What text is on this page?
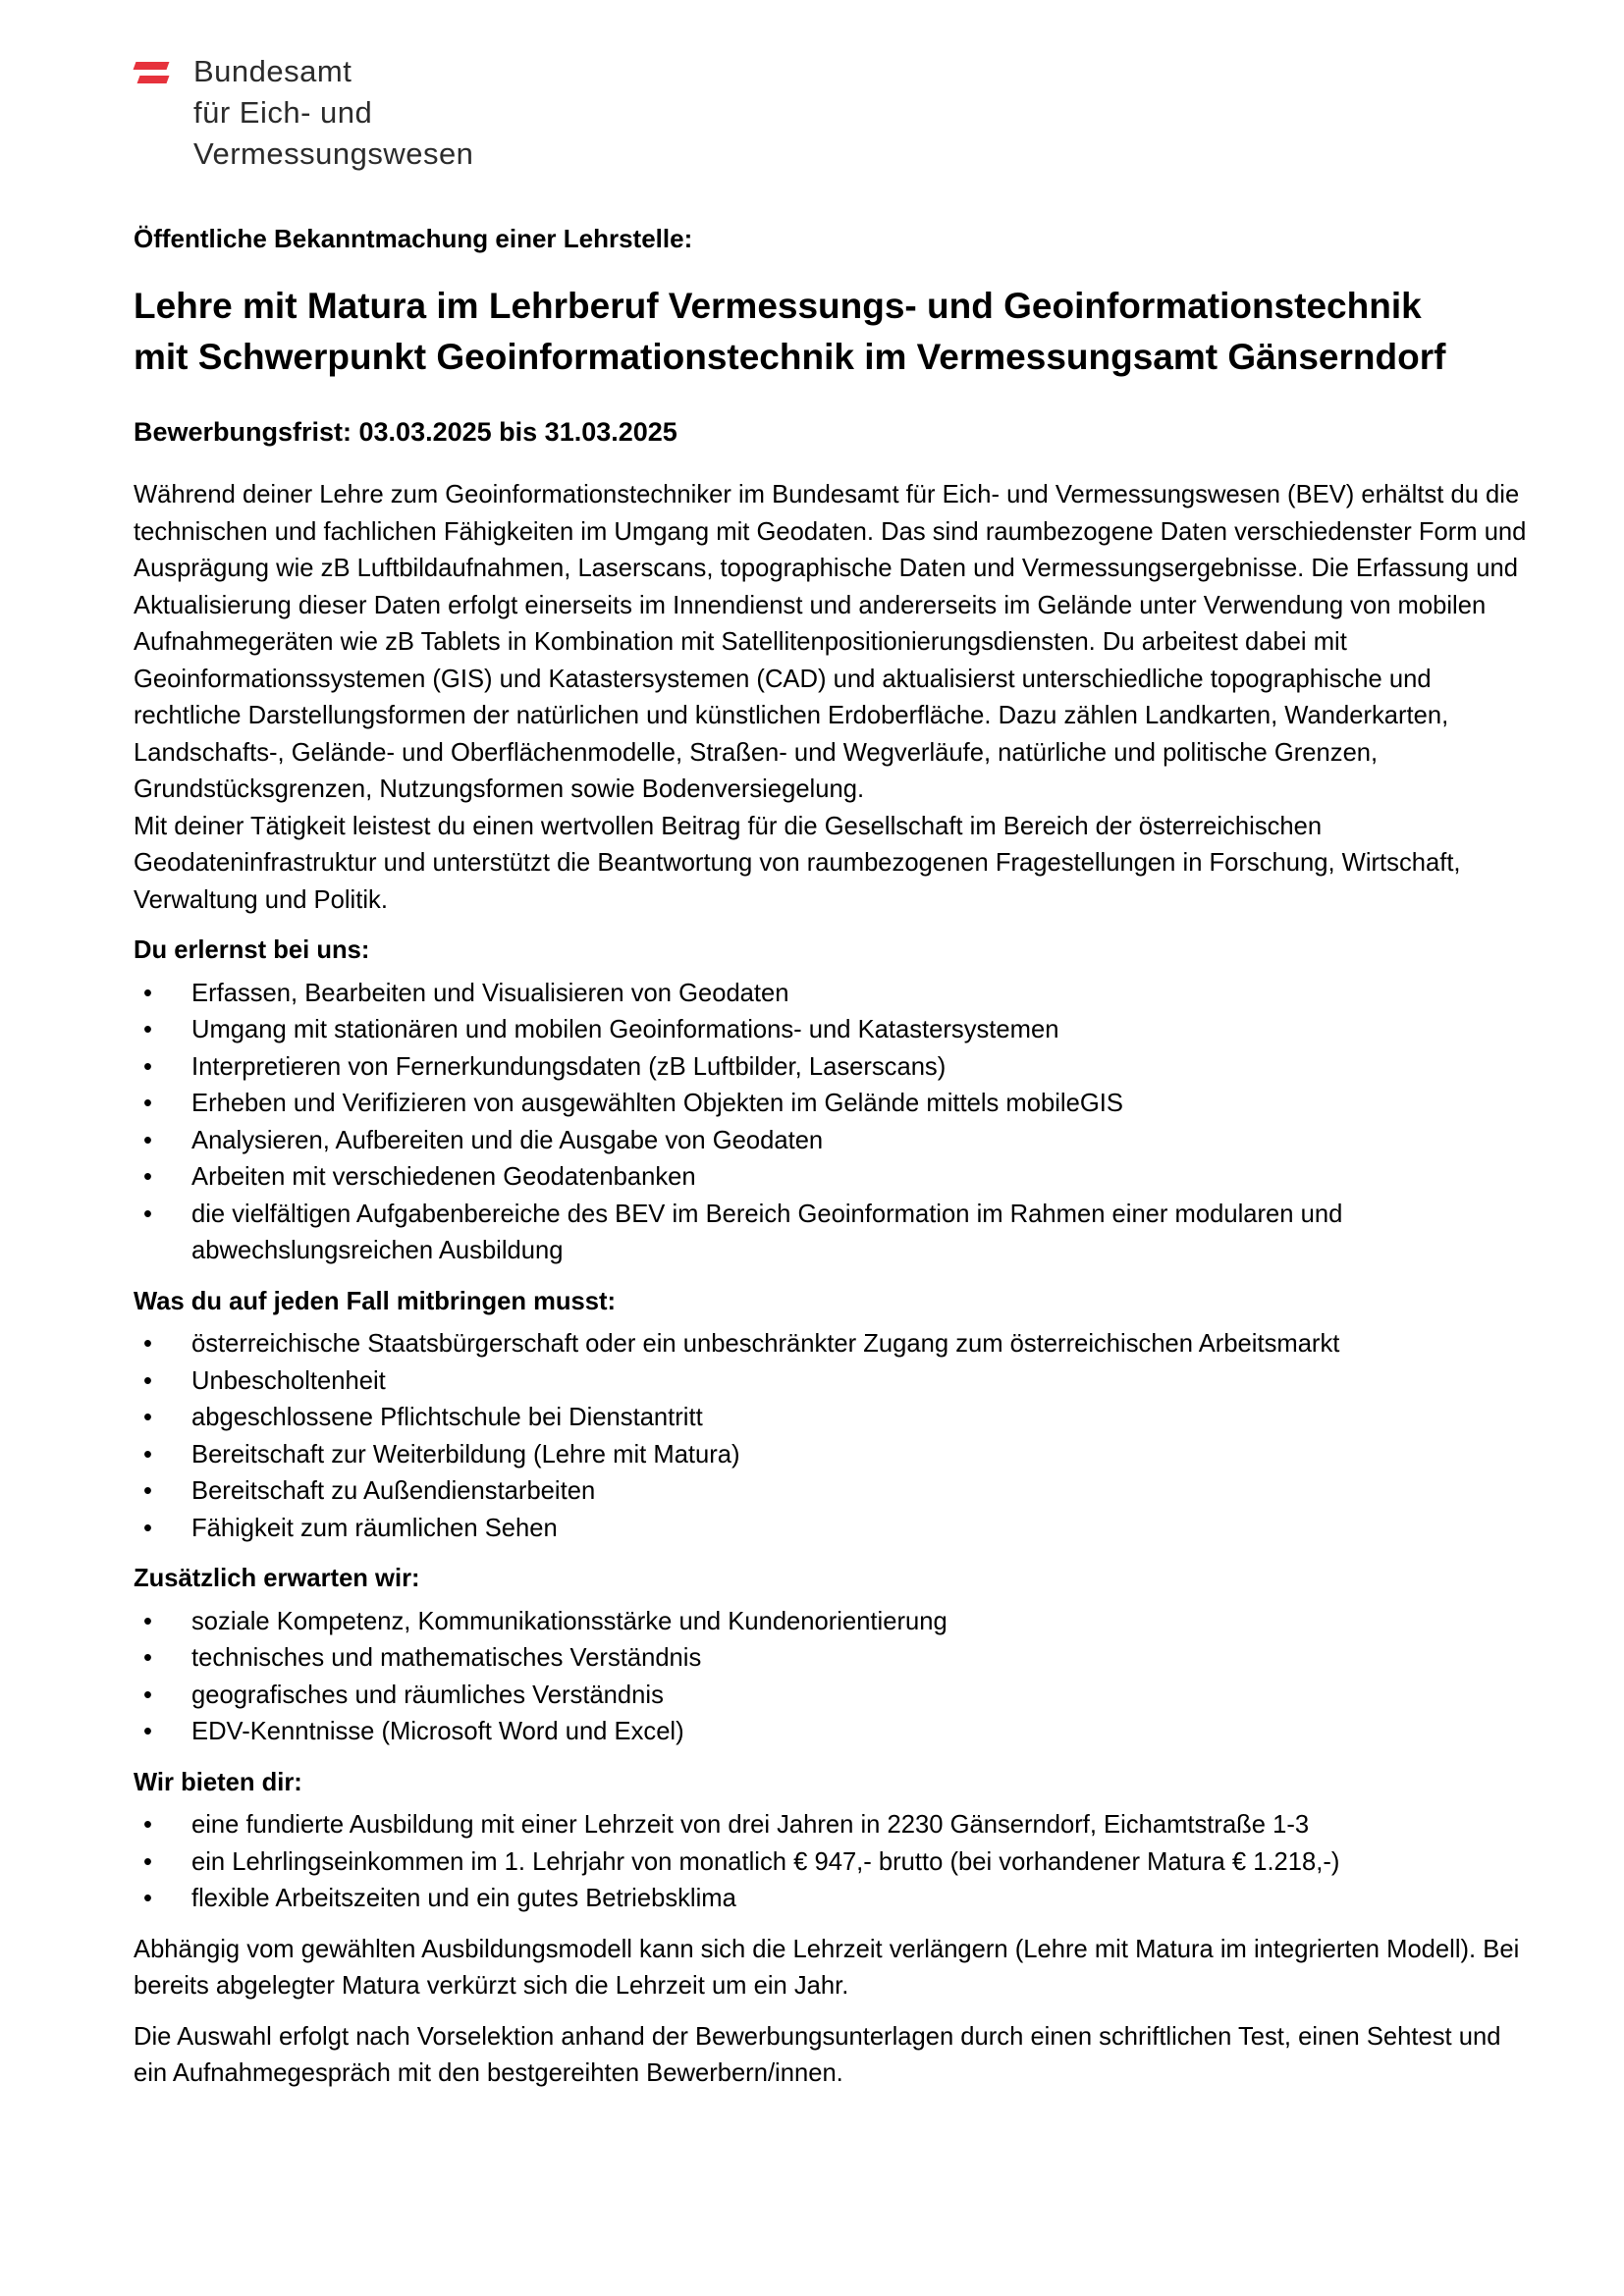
Bundesamt
für Eich- und
Vermessungswesen
Öffentliche Bekanntmachung einer Lehrstelle:
Lehre mit Matura im Lehrberuf Vermessungs- und Geoinformationstechnik
mit Schwerpunkt Geoinformationstechnik im Vermessungsamt Gänserndorf
Bewerbungsfrist: 03.03.2025 bis 31.03.2025
Während deiner Lehre zum Geoinformationstechniker im Bundesamt für Eich- und Vermessungswesen (BEV) erhältst du die technischen und fachlichen Fähigkeiten im Umgang mit Geodaten. Das sind raumbezogene Daten verschiedenster Form und Ausprägung wie zB Luftbildaufnahmen, Laserscans, topographische Daten und Vermessungsergebnisse. Die Erfassung und Aktualisierung dieser Daten erfolgt einerseits im Innendienst und andererseits im Gelände unter Verwendung von mobilen Aufnahmegeräten wie zB Tablets in Kombination mit Satellitenpositionierungsdiensten. Du arbeitest dabei mit Geoinformationssystemen (GIS) und Katastersystemen (CAD) und aktualisierst unterschiedliche topographische und rechtliche Darstellungsformen der natürlichen und künstlichen Erdoberfläche. Dazu zählen Landkarten, Wanderkarten, Landschafts-, Gelände- und Oberflächenmodelle, Straßen- und Wegverläufe, natürliche und politische Grenzen, Grundstücksgrenzen, Nutzungsformen sowie Bodenversiegelung.
Mit deiner Tätigkeit leistest du einen wertvollen Beitrag für die Gesellschaft im Bereich der österreichischen Geodateninfrastruktur und unterstützt die Beantwortung von raumbezogenen Fragestellungen in Forschung, Wirtschaft, Verwaltung und Politik.
Du erlernst bei uns:
• Erfassen, Bearbeiten und Visualisieren von Geodaten
• Umgang mit stationären und mobilen Geoinformations- und Katastersystemen
• Interpretieren von Fernerkundungsdaten (zB Luftbilder, Laserscans)
• Erheben und Verifizieren von ausgewählten Objekten im Gelände mittels mobileGIS
• Analysieren, Aufbereiten und die Ausgabe von Geodaten
• Arbeiten mit verschiedenen Geodatenbanken
• die vielfältigen Aufgabenbereiche des BEV im Bereich Geoinformation im Rahmen einer modularen und abwechslungsreichen Ausbildung
Was du auf jeden Fall mitbringen musst:
• österreichische Staatsbürgerschaft oder ein unbeschränkter Zugang zum österreichischen Arbeitsmarkt
• Unbescholtenheit
• abgeschlossene Pflichtschule bei Dienstantritt
• Bereitschaft zur Weiterbildung (Lehre mit Matura)
• Bereitschaft zu Außendienstarbeiten
• Fähigkeit zum räumlichen Sehen
Zusätzlich erwarten wir:
• soziale Kompetenz, Kommunikationsstärke und Kundenorientierung
• technisches und mathematisches Verständnis
• geografisches und räumliches Verständnis
• EDV-Kenntnisse (Microsoft Word und Excel)
Wir bieten dir:
• eine fundierte Ausbildung mit einer Lehrzeit von drei Jahren in 2230 Gänserndorf, Eichamtstraße 1-3
• ein Lehrlingseinkommen im 1. Lehrjahr von monatlich € 947,- brutto (bei vorhandener Matura € 1.218,-)
• flexible Arbeitszeiten und ein gutes Betriebsklima
Abhängig vom gewählten Ausbildungsmodell kann sich die Lehrzeit verlängern (Lehre mit Matura im integrierten Modell). Bei bereits abgelegter Matura verkürzt sich die Lehrzeit um ein Jahr.
Die Auswahl erfolgt nach Vorselektion anhand der Bewerbungsunterlagen durch einen schriftlichen Test, einen Sehtest und ein Aufnahmegespräch mit den bestgereihten Bewerbern/innen.
